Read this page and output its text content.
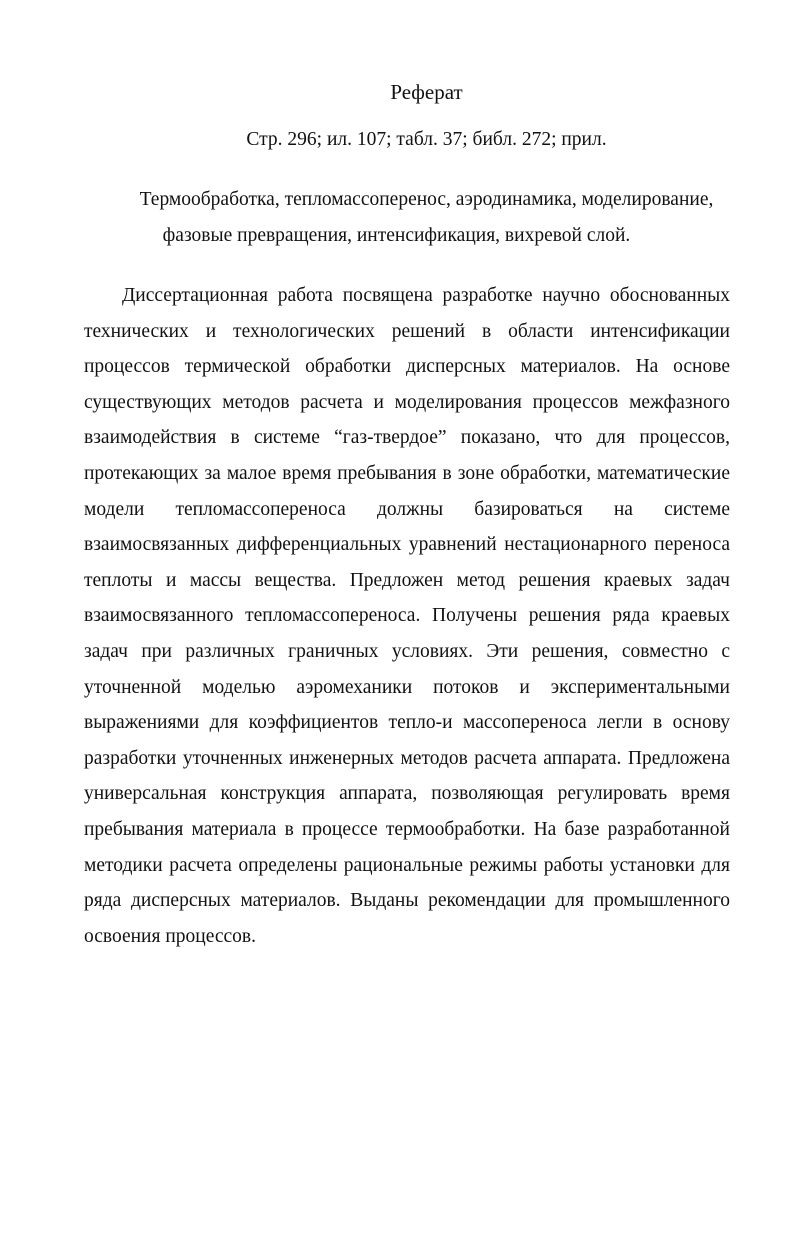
Реферат
Стр. 296; ил. 107; табл. 37; библ. 272; прил.
Термообработка, тепломассоперенос, аэродинамика, моделирование,
фазовые превращения, интенсификация, вихревой слой.
Диссертационная работа посвящена разработке научно обоснованных
технических и технологических решений в области интенсификации
процессов термической обработки дисперсных материалов. На основе
существующих методов расчета и моделирования процессов межфазного
взаимодействия в системе “газ-твердое” показано, что для процессов,
протекающих за малое время пребывания в зоне обработки, математические
модели тепломассопереноса должны базироваться на системе
взаимосвязанных дифференциальных уравнений нестационарного переноса
теплоты и массы вещества. Предложен метод решения краевых задач
взаимосвязанного тепломассопереноса. Получены решения ряда краевых
задач при различных граничных условиях. Эти решения, совместно с
уточненной моделью аэромеханики потоков и экспериментальными
выражениями для коэффициентов тепло-и массопереноса легли в основу
разработки уточненных инженерных методов расчета аппарата. Предложена
универсальная конструкция аппарата, позволяющая регулировать время
пребывания материала в процессе термообработки. На базе разработанной
методики расчета определены рациональные режимы работы установки для
ряда дисперсных материалов. Выданы рекомендации для промышленного
освоения процессов.
